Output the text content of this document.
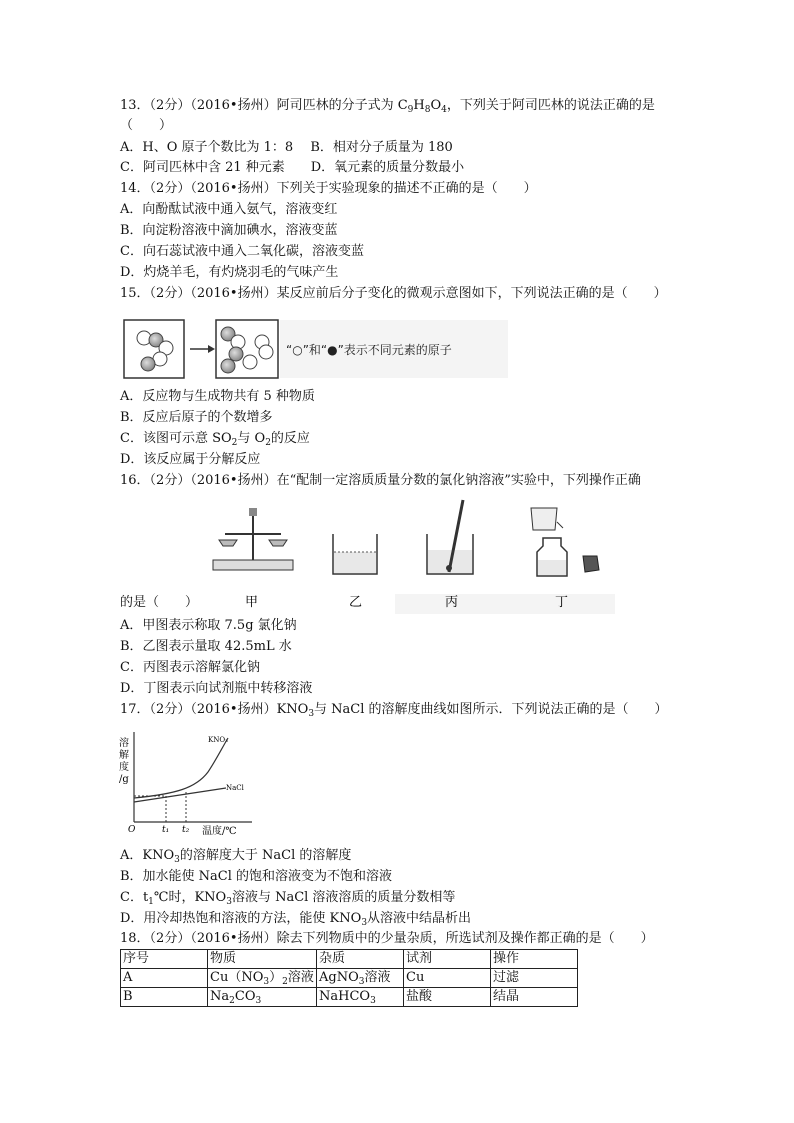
13．（2分）（2016•扬州）阿司匹林的分子式为 $C_9H_8O_4$，下列关于阿司匹林的说法正确的是
（　　）
A．H、O 原子个数比为 1：8　 B．相对分子质量为 180
C．阿司匹林中含 21 种元素　　D．氧元素的质量分数最小
14．（2分）（2016•扬州）下列关于实验现象的描述不正确的是（　　）
A．向酚酞试液中通入氨气，溶液变红
B．向淀粉溶液中滴加碘水，溶液变蓝
C．向石蕊试液中通入二氧化碳，溶液变蓝
D．灼烧羊毛，有灼烧羽毛的气味产生
15．（2分）（2016•扬州）某反应前后分子变化的微观示意图如下，下列说法正确的是（　　）
“○”和“●”表示不同元素的原子
A．反应物与生成物共有 5 种物质
B．反应后原子的个数增多
C．该图可示意 $SO_2$与 $O_2$的反应
D．该反应属于分解反应
16．（2分）（2016•扬州）在“配制一定溶质质量分数的氯化钠溶液”实验中，下列操作正确
甲	乙	丙	丁
的是（　　）
A．甲图表示称取 7.5g 氯化钠
B．乙图表示量取 42.5mL 水
C．丙图表示溶解氯化钠
D．丁图表示向试剂瓶中转移溶液
17．（2分）（2016•扬州）$KNO_3$与 NaCl 的溶解度曲线如图所示．下列说法正确的是（　　）
溶
解
度
/g
KNO₃
NaCl
O	t₁ t₂ 温度/℃
A．$KNO_3$的溶解度大于 NaCl 的溶解度
B．加水能使 NaCl 的饱和溶液变为不饱和溶液
C．$t_1℃$时，$KNO_3$溶液与 NaCl 溶液溶质的质量分数相等
D．用冷却热饱和溶液的方法，能使 $KNO_3$从溶液中结晶析出
18．（2分）（2016•扬州）除去下列物质中的少量杂质，所选试剂及操作都正确的是（　　）
序号	物质	杂质	试剂	操作
A	$Cu(NO_3)_2$溶液	AgNO$_3$溶液	Cu	过滤
B	$Na_2CO_3$	NaHCO$_3$	盐酸	结晶
